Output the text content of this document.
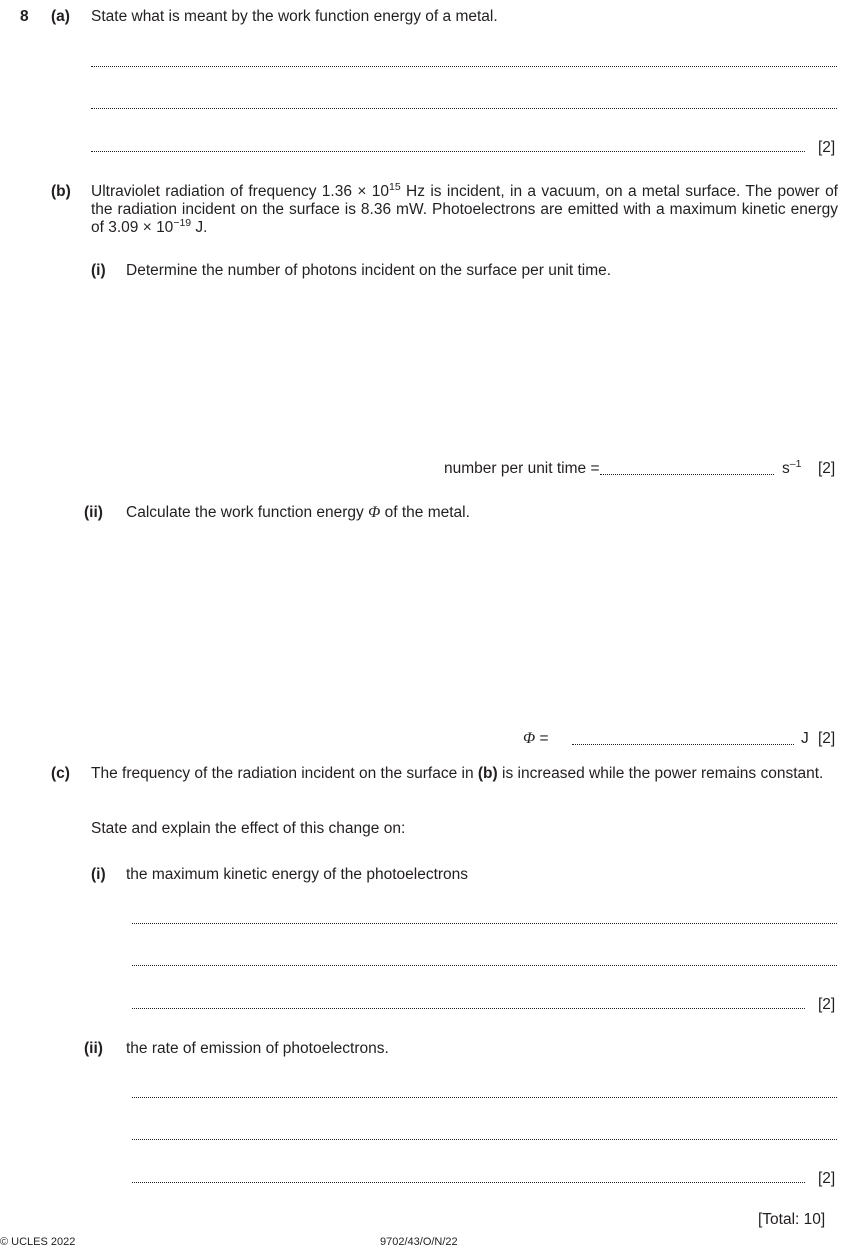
8 (a) State what is meant by the work function energy of a metal.
[2]
(b) Ultraviolet radiation of frequency $1.36 \times 10^{15}$ Hz is incident, in a vacuum, on a metal surface. The power of the radiation incident on the surface is 8.36 mW. Photoelectrons are emitted with a maximum kinetic energy of $3.09 \times 10^{-19}$ J.
(i) Determine the number of photons incident on the surface per unit time.
number per unit time =	$s^{-1}$ [2]
(ii) Calculate the work function energy Φ of the metal.
Φ =	J [2]
(c) The frequency of the radiation incident on the surface in (b) is increased while the power remains constant.
State and explain the effect of this change on:
(i) the maximum kinetic energy of the photoelectrons
[2]
(ii) the rate of emission of photoelectrons.
[2]
[Total: 10]
© UCLES 2022	9702/43/O/N/22
